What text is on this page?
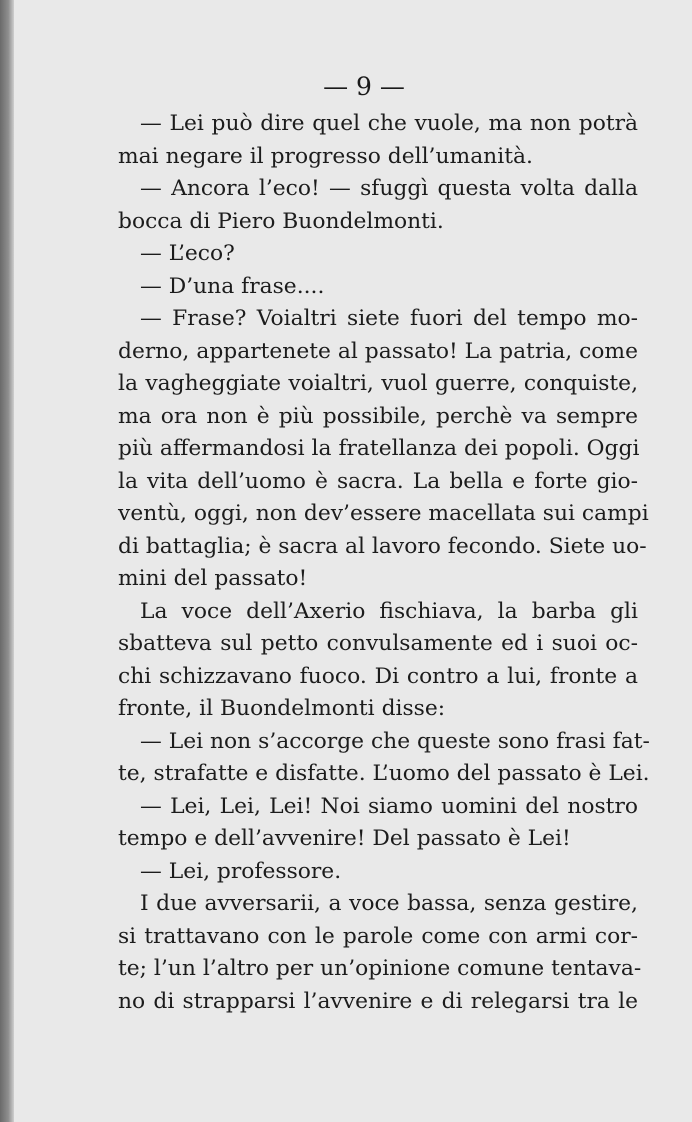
— 9 —

— Lei può dire quel che vuole, ma non potrà
mai negare il progresso dell’umanità.
— Ancora l’eco! — sfuggì questa volta dalla
bocca di Piero Buondelmonti.
— L’eco?
— D’una frase....
— Frase? Voialtri siete fuori del tempo mo-
derno, appartenete al passato! La patria, come
la vagheggiate voialtri, vuol guerre, conquiste,
ma ora non è più possibile, perchè va sempre
più affermandosi la fratellanza dei popoli. Oggi
la vita dell’uomo è sacra. La bella e forte gio-
ventù, oggi, non dev’essere macellata sui campi
di battaglia; è sacra al lavoro fecondo. Siete uo-
mini del passato!
La voce dell’Axerio fischiava, la barba gli
sbatteva sul petto convulsamente ed i suoi oc-
chi schizzavano fuoco. Di contro a lui, fronte a
fronte, il Buondelmonti disse:
— Lei non s’accorge che queste sono frasi fat-
te, strafatte e disfatte. L’uomo del passato è Lei.
— Lei, Lei, Lei! Noi siamo uomini del nostro
tempo e dell’avvenire! Del passato è Lei!
— Lei, professore.
I due avversarii, a voce bassa, senza gestire,
si trattavano con le parole come con armi cor-
te; l’un l’altro per un’opinione comune tentava-
no di strapparsi l’avvenire e di relegarsi tra le
